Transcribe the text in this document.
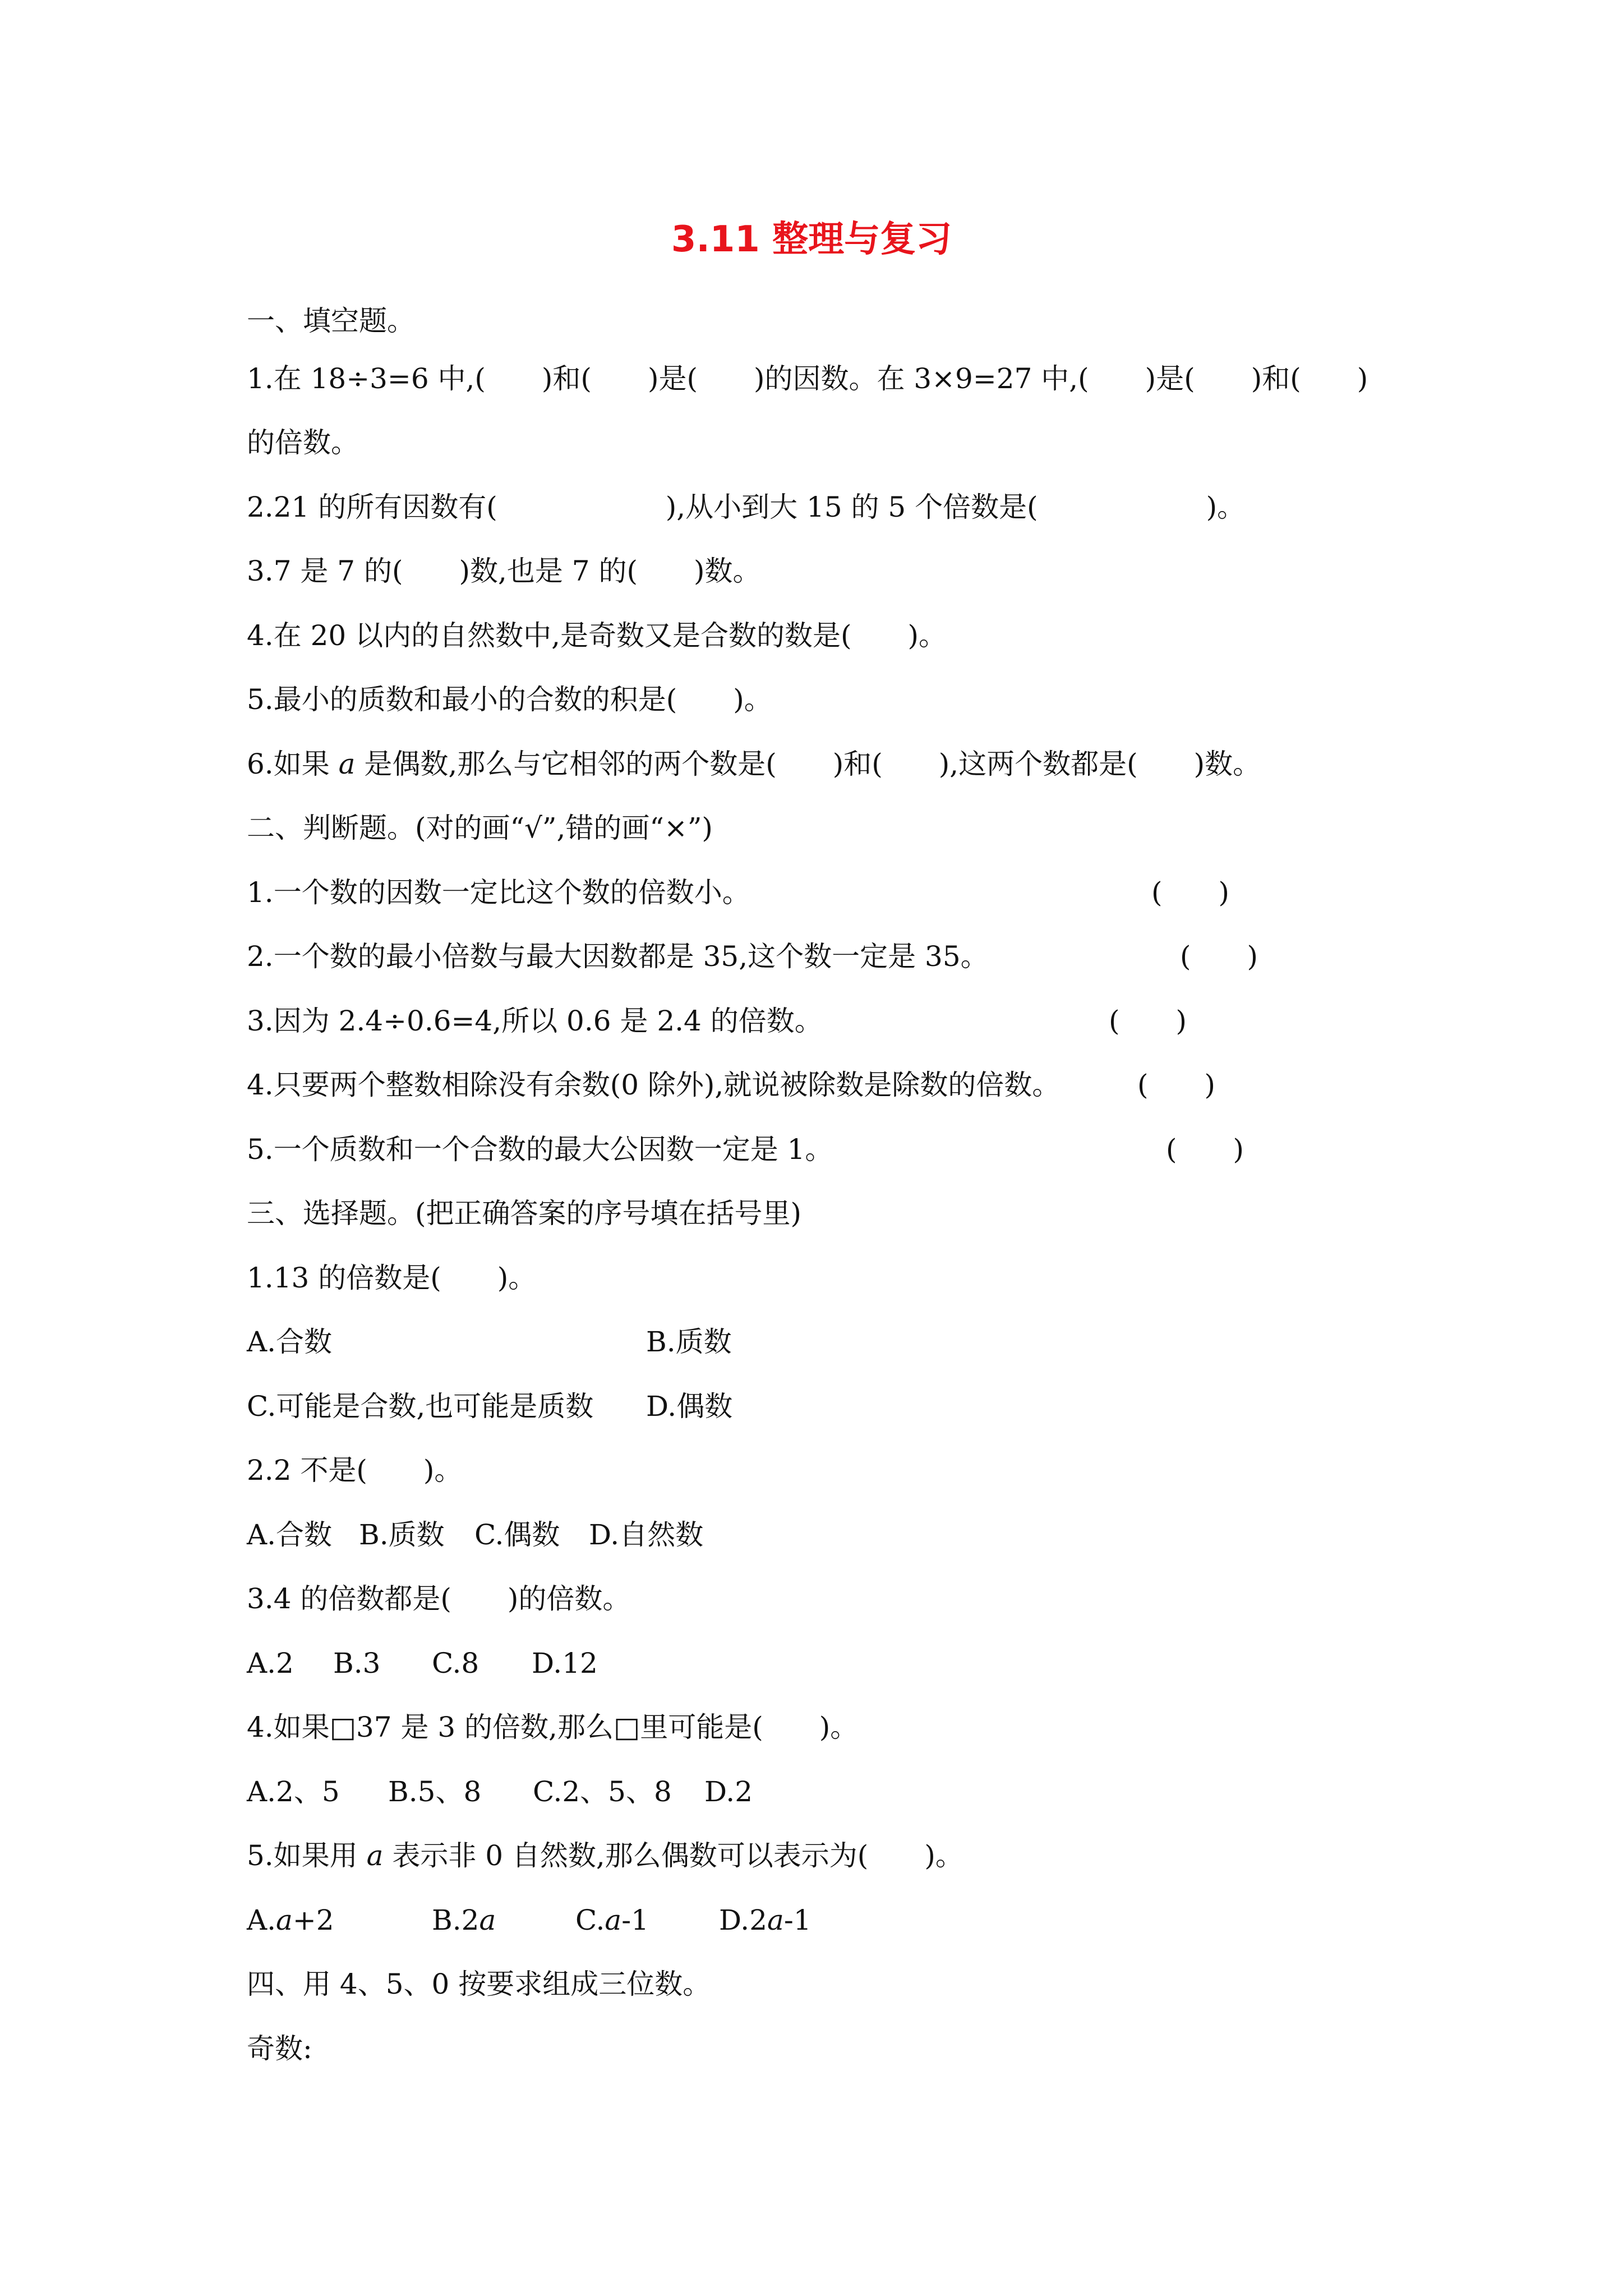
3.11 整理与复习
一、填空题。
1.在 18÷3=6 中,(　　)和(　　)是(　　)的因数。在 3×9=27 中,(　　)是(　　)和(　　)
的倍数。
2.21 的所有因数有(　　　　　　),从小到大 15 的 5 个倍数是(　　　　　　)。
3.7 是 7 的(　　)数,也是 7 的(　　)数。
4.在 20 以内的自然数中,是奇数又是合数的数是(　　)。
5.最小的质数和最小的合数的积是(　　)。
6.如果 a 是偶数,那么与它相邻的两个数是(　　)和(　　),这两个数都是(　　)数。
二、判断题。(对的画“√”,错的画“×”)
1.一个数的因数一定比这个数的倍数小。	(　　)
2.一个数的最小倍数与最大因数都是 35,这个数一定是 35。	(　　)
3.因为 2.4÷0.6=4,所以 0.6 是 2.4 的倍数。	(　　)
4.只要两个整数相除没有余数(0 除外),就说被除数是除数的倍数。	(　　)
5.一个质数和一个合数的最大公因数一定是 1。	(　　)
三、选择题。(把正确答案的序号填在括号里)
1.13 的倍数是(　　)。
A.合数	B.质数
C.可能是合数,也可能是质数 D.偶数
2.2 不是(　　)。
A.合数 B.质数 C.偶数 D.自然数
3.4 的倍数都是(　　)的倍数。
A.2 B.3 C.8 D.12
4.如果□37 是 3 的倍数,那么□里可能是(　　)。
A.2、5 B.5、8 C.2、5、8 D.2
5.如果用 a 表示非 0 自然数,那么偶数可以表示为(　　)。
A.a+2	B.2a	C.a-1	D.2a-1
四、用 4、5、0 按要求组成三位数。
奇数:
